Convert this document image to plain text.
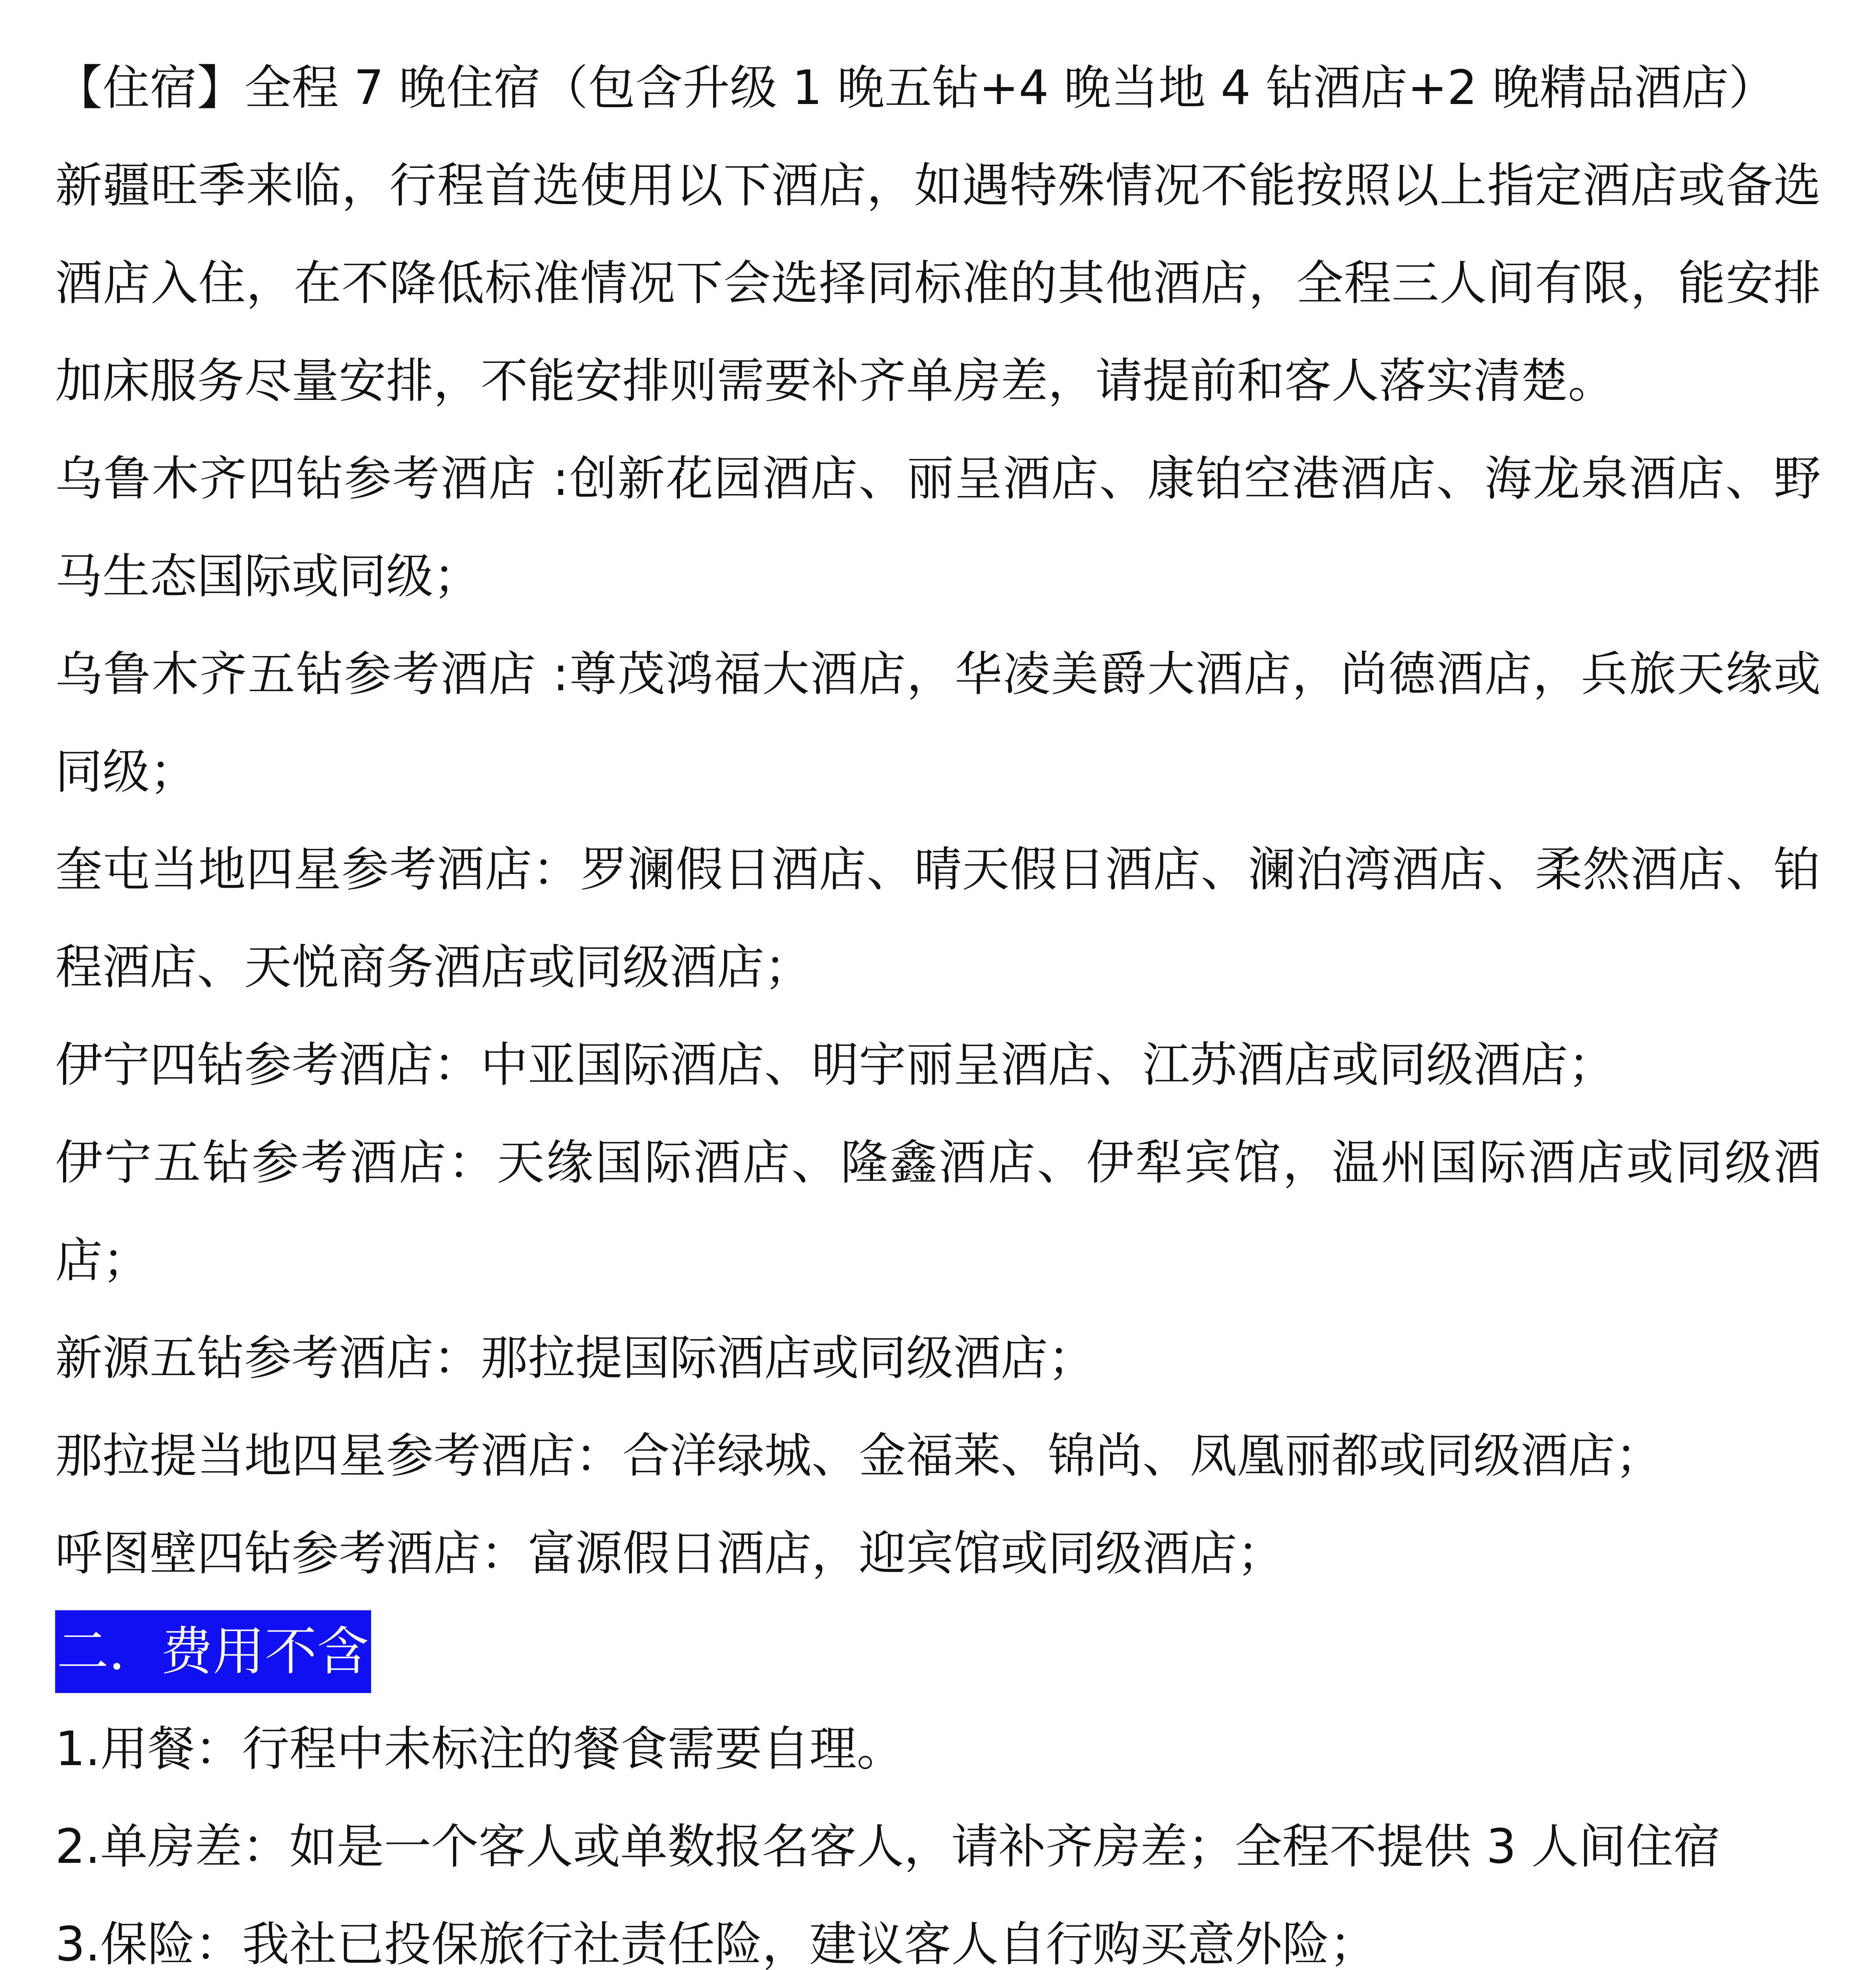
【住宿】全程 7 晚住宿（包含升级 1 晚五钻+4 晚当地 4 钻酒店+2 晚精品酒店）

新疆旺季来临，行程首选使用以下酒店，如遇特殊情况不能按照以上指定酒店或备选酒店入住，在不降低标准情况下会选择同标准的其他酒店，全程三人间有限，能安排加床服务尽量安排，不能安排则需要补齐单房差，请提前和客人落实清楚。

乌鲁木齐四钻参考酒店 :创新花园酒店、丽呈酒店、康铂空港酒店、海龙泉酒店、野马生态国际或同级；

乌鲁木齐五钻参考酒店 :尊茂鸿福大酒店，华凌美爵大酒店，尚德酒店，兵旅天缘或同级；

奎屯当地四星参考酒店：罗澜假日酒店、晴天假日酒店、澜泊湾酒店、柔然酒店、铂程酒店、天悦商务酒店或同级酒店；

伊宁四钻参考酒店：中亚国际酒店、明宇丽呈酒店、江苏酒店或同级酒店；

伊宁五钻参考酒店：天缘国际酒店、隆鑫酒店、伊犁宾馆，温州国际酒店或同级酒店；

新源五钻参考酒店：那拉提国际酒店或同级酒店；

那拉提当地四星参考酒店：合洋绿城、金福莱、锦尚、凤凰丽都或同级酒店；

呼图壁四钻参考酒店：富源假日酒店，迎宾馆或同级酒店；

二．费用不含

1.用餐：行程中未标注的餐食需要自理。

2.单房差：如是一个客人或单数报名客人，请补齐房差；全程不提供 3 人间住宿

3.保险：我社已投保旅行社责任险，建议客人自行购买意外险；
